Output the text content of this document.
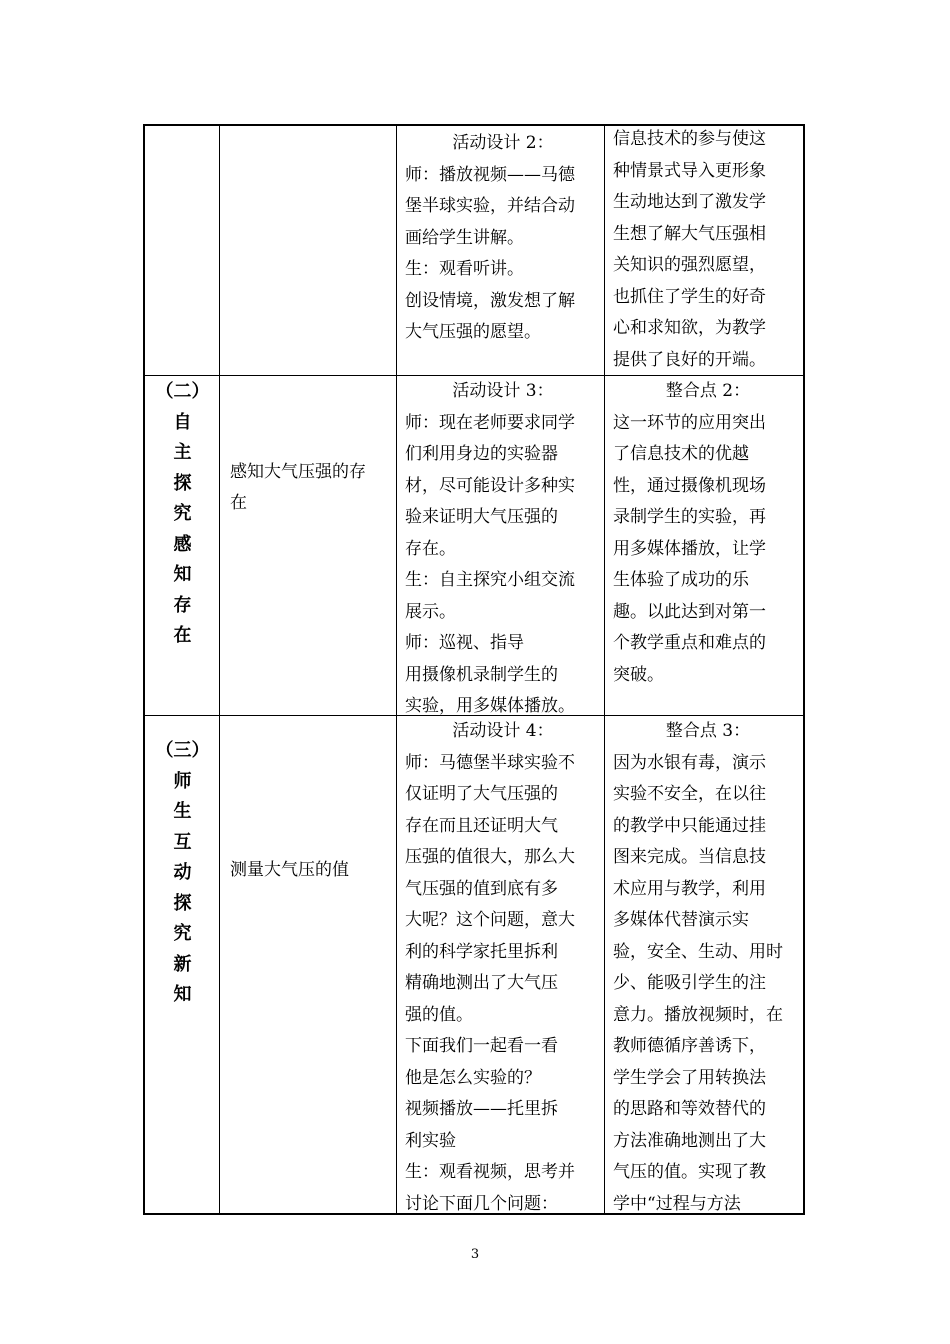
活动设计 2：
师：播放视频——马德
堡半球实验，并结合动
画给学生讲解。
生：观看听讲。
创设情境，激发想了解
大气压强的愿望。
信息技术的参与使这
种情景式导入更形象
生动地达到了激发学
生想了解大气压强相
关知识的强烈愿望，
也抓住了学生的好奇
心和求知欲，为教学
提供了良好的开端。
（二）
自
主
探
究
感
知
存
在
感知大气压强的存
在
活动设计 3：
师：现在老师要求同学
们利用身边的实验器
材，尽可能设计多种实
验来证明大气压强的
存在。
生：自主探究小组交流
展示。
师：巡视、指导
用摄像机录制学生的
实验，用多媒体播放。
整合点 2：
这一环节的应用突出
了信息技术的优越
性，通过摄像机现场
录制学生的实验，再
用多媒体播放，让学
生体验了成功的乐
趣。以此达到对第一
个教学重点和难点的
突破。
（三）
师
生
互
动
探
究
新
知
测量大气压的值
活动设计 4：
师：马德堡半球实验不
仅证明了大气压强的
存在而且还证明大气
压强的值很大，那么大
气压强的值到底有多
大呢？这个问题，意大
利的科学家托里拆利
精确地测出了大气压
强的值。
下面我们一起看一看
他是怎么实验的？
视频播放——托里拆
利实验
生：观看视频，思考并
讨论下面几个问题：
整合点 3：
因为水银有毒，演示
实验不安全，在以往
的教学中只能通过挂
图来完成。当信息技
术应用与教学，利用
多媒体代替演示实
验，安全、生动、用时
少、能吸引学生的注
意力。播放视频时，在
教师德循序善诱下，
学生学会了用转换法
的思路和等效替代的
方法准确地测出了大
气压的值。实现了教
学中“过程与方法
3
